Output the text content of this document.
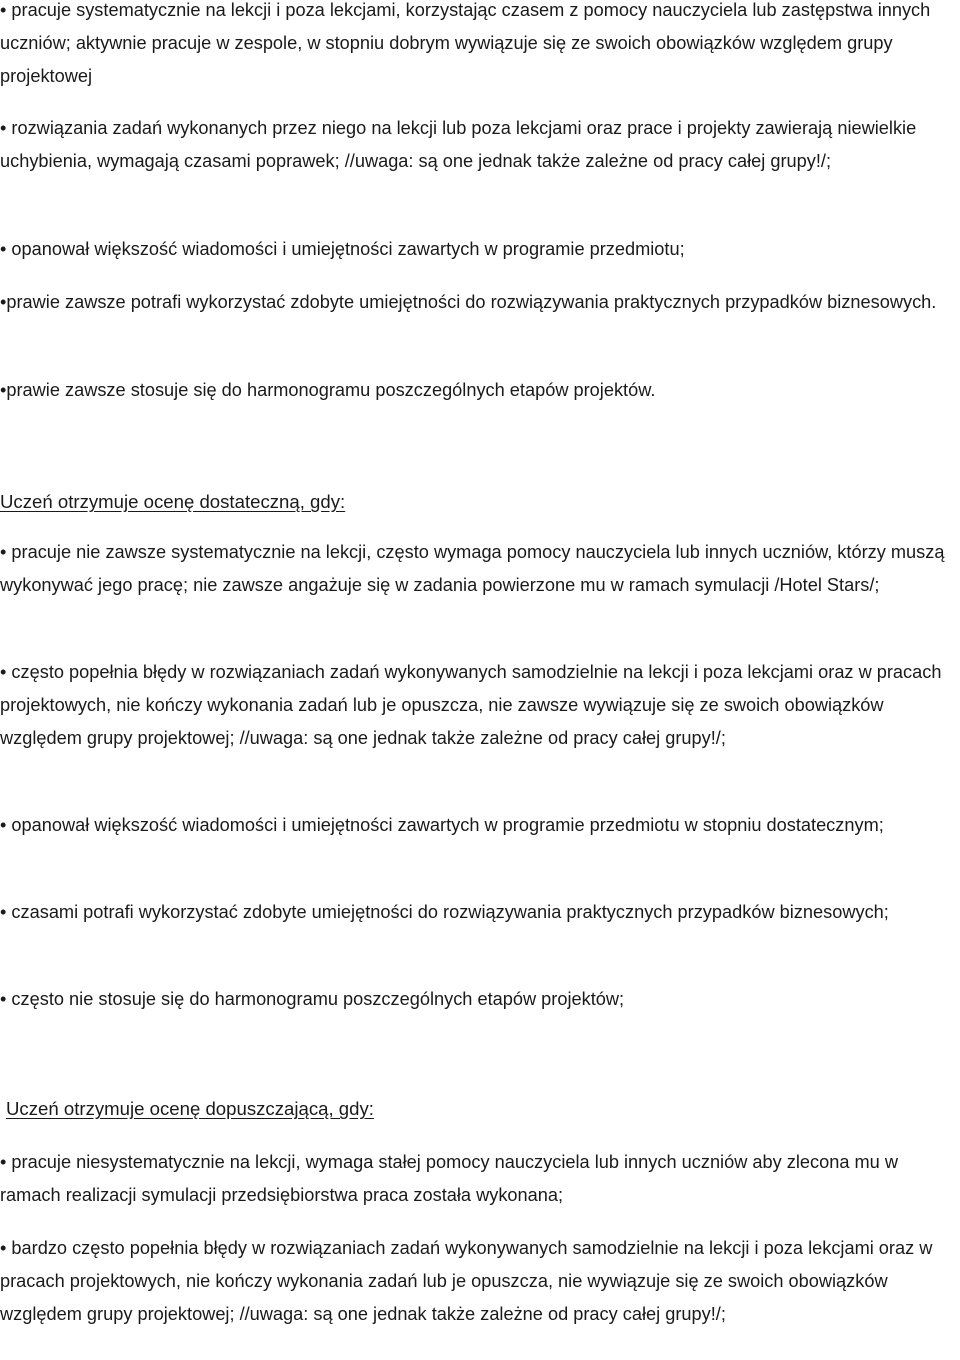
• pracuje systematycznie na lekcji i poza lekcjami, korzystając czasem z pomocy nauczyciela lub zastępstwa innych uczniów; aktywnie pracuje w zespole, w stopniu dobrym wywiązuje się ze swoich obowiązków względem grupy projektowej

• rozwiązania zadań wykonanych przez niego na lekcji lub poza lekcjami oraz prace i projekty zawierają niewielkie uchybienia, wymagają czasami poprawek; //uwaga: są one jednak także zależne od pracy całej grupy!/;

• opanował większość wiadomości i umiejętności zawartych w programie przedmiotu;

•prawie zawsze potrafi wykorzystać zdobyte umiejętności do rozwiązywania praktycznych przypadków biznesowych.

•prawie zawsze stosuje się do harmonogramu poszczególnych etapów projektów.

Uczeń otrzymuje ocenę dostateczną, gdy:

• pracuje nie zawsze systematycznie na lekcji, często wymaga pomocy nauczyciela lub innych uczniów, którzy muszą wykonywać jego pracę; nie zawsze angażuje się w zadania powierzone mu w ramach symulacji /Hotel Stars/;

• często popełnia błędy w rozwiązaniach zadań wykonywanych samodzielnie na lekcji i poza lekcjami oraz w pracach projektowych, nie kończy wykonania zadań lub je opuszcza, nie zawsze wywiązuje się ze swoich obowiązków względem grupy projektowej; //uwaga: są one jednak także zależne od pracy całej grupy!/;

• opanował większość wiadomości i umiejętności zawartych w programie przedmiotu w stopniu dostatecznym;

• czasami potrafi wykorzystać zdobyte umiejętności do rozwiązywania praktycznych przypadków biznesowych;

• często nie stosuje się do harmonogramu poszczególnych etapów projektów;

Uczeń otrzymuje ocenę dopuszczającą, gdy:

• pracuje niesystematycznie na lekcji, wymaga stałej pomocy nauczyciela lub innych uczniów aby zlecona mu w ramach realizacji symulacji przedsiębiorstwa praca została wykonana;

• bardzo często popełnia błędy w rozwiązaniach zadań wykonywanych samodzielnie na lekcji i poza lekcjami oraz w pracach projektowych, nie kończy wykonania zadań lub je opuszcza, nie wywiązuje się ze swoich obowiązków względem grupy projektowej; //uwaga: są one jednak także zależne od pracy całej grupy!/;
